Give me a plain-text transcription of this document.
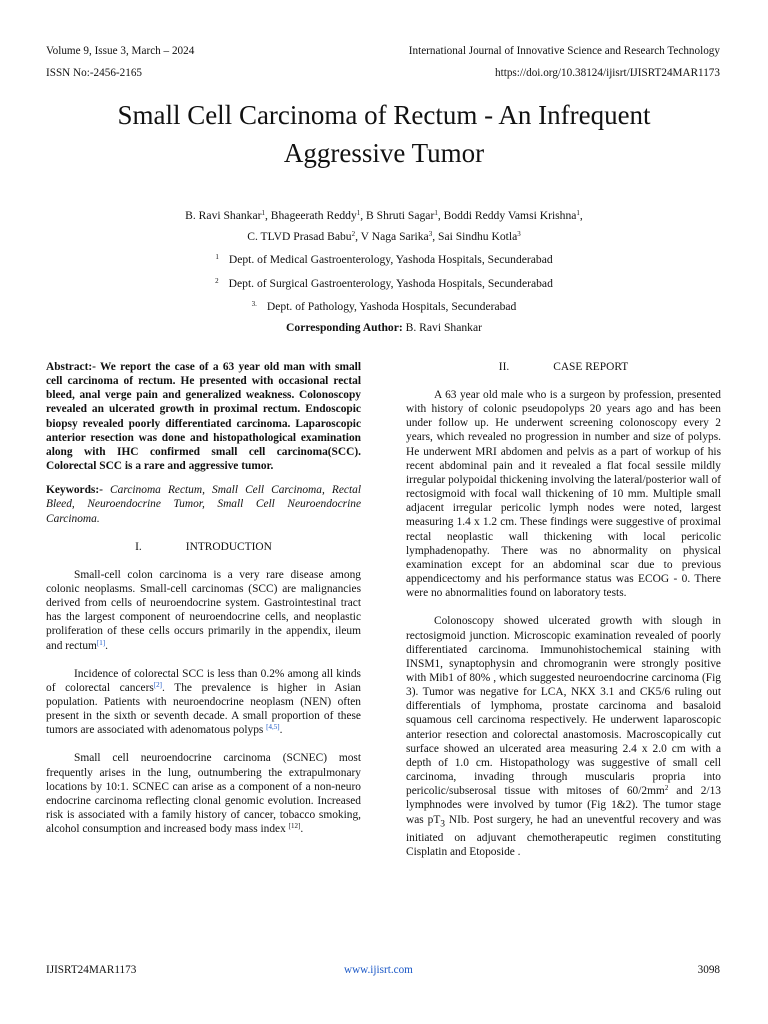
Volume 9, Issue 3, March – 2024
ISSN No:-2456-2165
International Journal of Innovative Science and Research Technology
https://doi.org/10.38124/ijisrt/IJISRT24MAR1173
Small Cell Carcinoma of Rectum - An Infrequent
Aggressive Tumor
B. Ravi Shankar$^1$, Bhageerath Reddy$^1$, B Shruti Sagar$^1$, Boddi Reddy Vamsi Krishna$^1$,
C. TLVD Prasad Babu$^2$, V Naga Sarika$^3$, Sai Sindhu Kotla$^3$
$^1$ Dept. of Medical Gastroenterology, Yashoda Hospitals, Secunderabad
$^2$ Dept. of Surgical Gastroenterology, Yashoda Hospitals, Secunderabad
$^{3.}$ Dept. of Pathology, Yashoda Hospitals, Secunderabad
Corresponding Author: B. Ravi Shankar

Abstract:- We report the case of a 63 year old man with small cell carcinoma of rectum. He presented with occasional rectal bleed, anal verge pain and generalized weakness. Colonoscopy revealed an ulcerated growth in proximal rectum. Endoscopic biopsy revealed poorly differentiated carcinoma. Laparoscopic anterior resection was done and histopathological examination along with IHC confirmed small cell carcinoma(SCC). Colorectal SCC is a rare and aggressive tumor.

Keywords:- Carcinoma Rectum, Small Cell Carcinoma, Rectal Bleed, Neuroendocrine Tumor, Small Cell Neuroendocrine Carcinoma.

I.	INTRODUCTION

Small-cell colon carcinoma is a very rare disease among colonic neoplasms. Small-cell carcinomas (SCC) are malignancies derived from cells of neuroendocrine system. Gastrointestinal tract has the largest component of neuroendocrine cells, and neoplastic proliferation of these cells occurs primarily in the appendix, ileum and rectum[1].

Incidence of colorectal SCC is less than 0.2% among all kinds of colorectal cancers[2]. The prevalence is higher in Asian population. Patients with neuroendocrine neoplasm (NEN) often present in the sixth or seventh decade. A small proportion of these tumors are associated with adenomatous polyps [4,5].

Small cell neuroendocrine carcinoma (SCNEC) most frequently arises in the lung, outnumbering the extrapulmonary locations by 10:1. SCNEC can arise as a component of a non-neuro endocrine carcinoma reflecting clonal genomic evolution. Increased risk is associated with a family history of cancer, tobacco smoking, alcohol consumption and increased body mass index [12].

II.	CASE REPORT

A 63 year old male who is a surgeon by profession, presented with history of colonic pseudopolyps 20 years ago and has been under follow up. He underwent screening colonoscopy every 2 years, which revealed no progression in number and size of polyps. He underwent MRI abdomen and pelvis as a part of workup of his recent abdominal pain and it revealed a flat focal sessile mildly irregular polypoidal thickening involving the lateral/posterior wall of rectosigmoid with focal wall thickening of 10 mm. Multiple small adjacent irregular pericolic lymph nodes were noted, largest measuring 1.4 x 1.2 cm. These findings were suggestive of proximal rectal neoplastic wall thickening with local pericolic lymphadenopathy. There was no abnormality on physical examination except for an abdominal scar due to previous appendicectomy and his performance status was ECOG - 0. There were no abnormalities found on laboratory tests.

Colonoscopy showed ulcerated growth with slough in rectosigmoid junction. Microscopic examination revealed of poorly differentiated carcinoma. Immunohistochemical staining with INSM1, synaptophysin and chromogranin were strongly positive with Mib1 of 80% , which suggested neuroendocrine carcinoma (Fig 3). Tumor was negative for LCA, NKX 3.1 and CK5/6 ruling out differentials of lymphoma, prostate carcinoma and basaloid squamous cell carcinoma respectively. He underwent laparoscopic anterior resection and colorectal anastomosis. Macroscopically cut surface showed an ulcerated area measuring 2.4 x 2.0 cm with a depth of 1.0 cm. Histopathology was suggestive of small cell carcinoma, invading through muscularis propria into pericolic/subserosal tissue with mitoses of $60/2mm^2$ and 2/13 lymphnodes were involved by tumor (Fig 1&2). The tumor stage was $pT_3$ NIb. Post surgery, he had an uneventful recovery and was initiated on adjuvant chemotherapeutic regimen constituting Cisplatin and Etoposide .

IJISRT24MAR1173	www.ijisrt.com	3098
